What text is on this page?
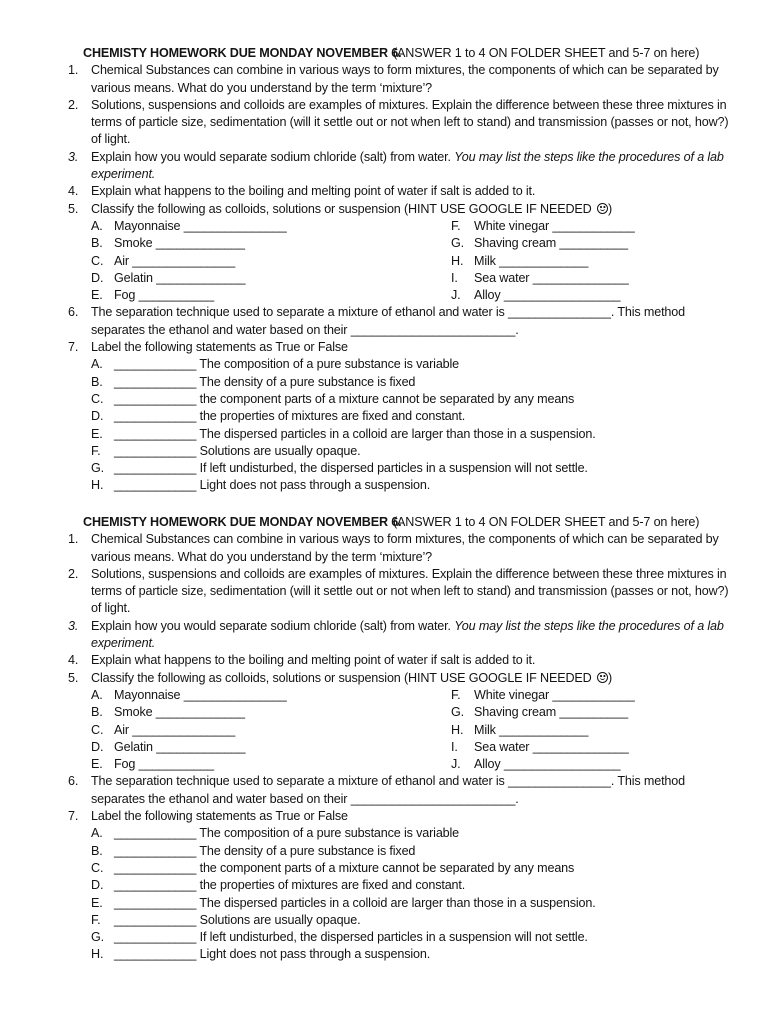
CHEMISTY HOMEWORK DUE MONDAY NOVEMBER 6.
(ANSWER 1 to 4 ON FOLDER SHEET and 5-7 on here)
1. Chemical Substances can combine in various ways to form mixtures, the components of which can be separated by various means. What do you understand by the term ‘mixture’?
2. Solutions, suspensions and colloids are examples of mixtures. Explain the difference between these three mixtures in terms of particle size, sedimentation (will it settle out or not when left to stand) and transmission (passes or not, how?) of light.
3. Explain how you would separate sodium chloride (salt) from water. You may list the steps like the procedures of a lab experiment.
4. Explain what happens to the boiling and melting point of water if salt is added to it.
5. Classify the following as colloids, solutions or suspension (HINT USE GOOGLE IF NEEDED )
A. Mayonnaise _______________	F. White vinegar ____________
B. Smoke _____________	G. Shaving cream __________
C. Air _______________	H. Milk _____________
D. Gelatin _____________	I. Sea water ______________
E. Fog ___________	J. Alloy _________________
6. The separation technique used to separate a mixture of ethanol and water is _______________. This method separates the ethanol and water based on their ________________________.
7. Label the following statements as True or False
A. ____________ The composition of a pure substance is variable
B. ____________ The density of a pure substance is fixed
C. ____________ the component parts of a mixture cannot be separated by any means
D. ____________ the properties of mixtures are fixed and constant.
E. ____________ The dispersed particles in a colloid are larger than those in a suspension.
F. ____________ Solutions are usually opaque.
G. ____________ If left undisturbed, the dispersed particles in a suspension will not settle.
H. ____________ Light does not pass through a suspension.
CHEMISTY HOMEWORK DUE MONDAY NOVEMBER 6.
(ANSWER 1 to 4 ON FOLDER SHEET and 5-7 on here)
1. Chemical Substances can combine in various ways to form mixtures, the components of which can be separated by various means. What do you understand by the term ‘mixture’?
2. Solutions, suspensions and colloids are examples of mixtures. Explain the difference between these three mixtures in terms of particle size, sedimentation (will it settle out or not when left to stand) and transmission (passes or not, how?) of light.
3. Explain how you would separate sodium chloride (salt) from water. You may list the steps like the procedures of a lab experiment.
4. Explain what happens to the boiling and melting point of water if salt is added to it.
5. Classify the following as colloids, solutions or suspension (HINT USE GOOGLE IF NEEDED )
A. Mayonnaise _______________	F. White vinegar ____________
B. Smoke _____________	G. Shaving cream __________
C. Air _______________	H. Milk _____________
D. Gelatin _____________	I. Sea water ______________
E. Fog ___________	J. Alloy _________________
6. The separation technique used to separate a mixture of ethanol and water is _______________. This method separates the ethanol and water based on their ________________________.
7. Label the following statements as True or False
A. ____________ The composition of a pure substance is variable
B. ____________ The density of a pure substance is fixed
C. ____________ the component parts of a mixture cannot be separated by any means
D. ____________ the properties of mixtures are fixed and constant.
E. ____________ The dispersed particles in a colloid are larger than those in a suspension.
F. ____________ Solutions are usually opaque.
G. ____________ If left undisturbed, the dispersed particles in a suspension will not settle.
H. ____________ Light does not pass through a suspension.
